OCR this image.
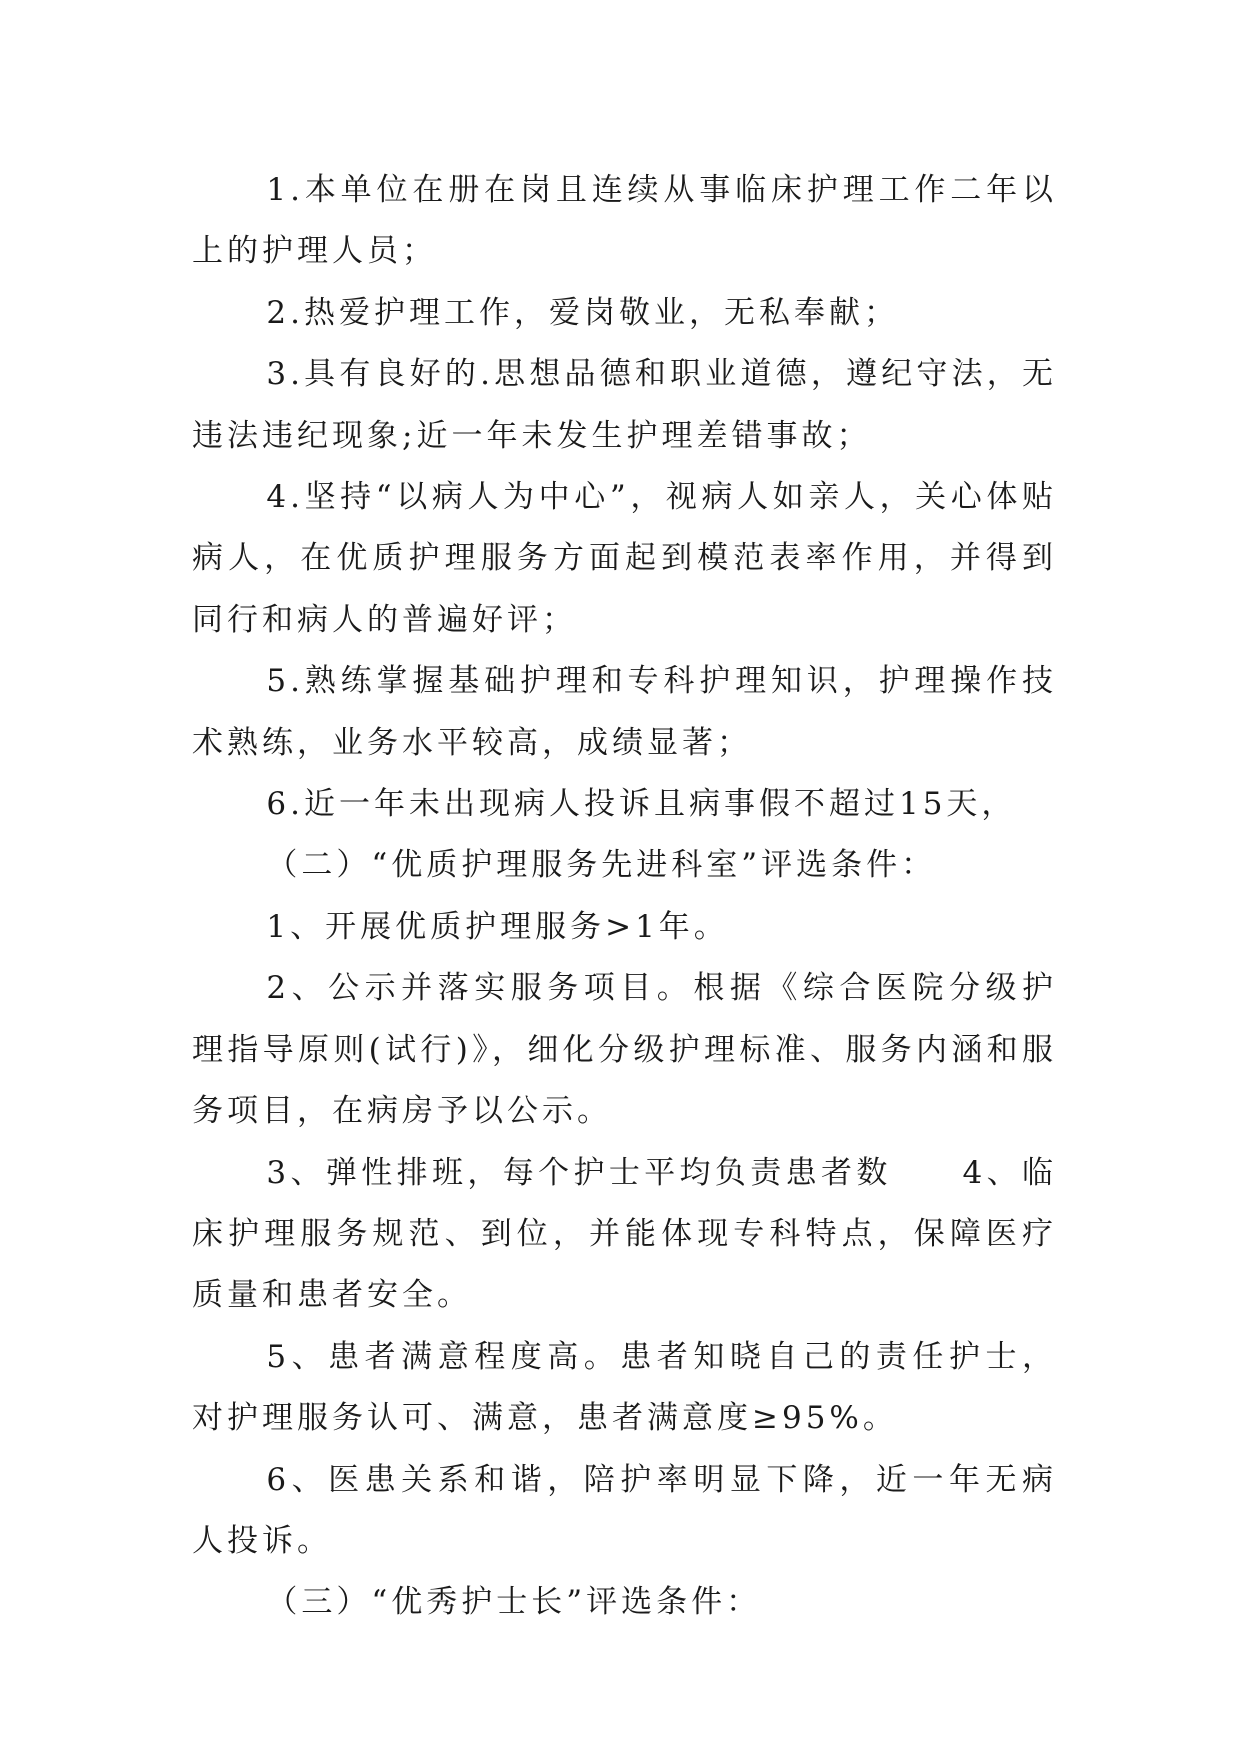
1.本单位在册在岗且连续从事临床护理工作二年以上的护理人员；

2.热爱护理工作，爱岗敬业，无私奉献；

3.具有良好的.思想品德和职业道德，遵纪守法，无违法违纪现象;近一年未发生护理差错事故；

4.坚持“以病人为中心”，视病人如亲人，关心体贴病人，在优质护理服务方面起到模范表率作用，并得到同行和病人的普遍好评；

5.熟练掌握基础护理和专科护理知识，护理操作技术熟练，业务水平较高，成绩显著；

6.近一年未出现病人投诉且病事假不超过15天，

（二）“优质护理服务先进科室”评选条件：

1、开展优质护理服务>1年。

2、公示并落实服务项目。根据《综合医院分级护理指导原则(试行)》，细化分级护理标准、服务内涵和服务项目，在病房予以公示。

3、弹性排班，每个护士平均负责患者数　　4、临床护理服务规范、到位，并能体现专科特点，保障医疗质量和患者安全。

5、患者满意程度高。患者知晓自己的责任护士，对护理服务认可、满意，患者满意度≥95%。

6、医患关系和谐，陪护率明显下降，近一年无病人投诉。

（三）“优秀护士长”评选条件：
